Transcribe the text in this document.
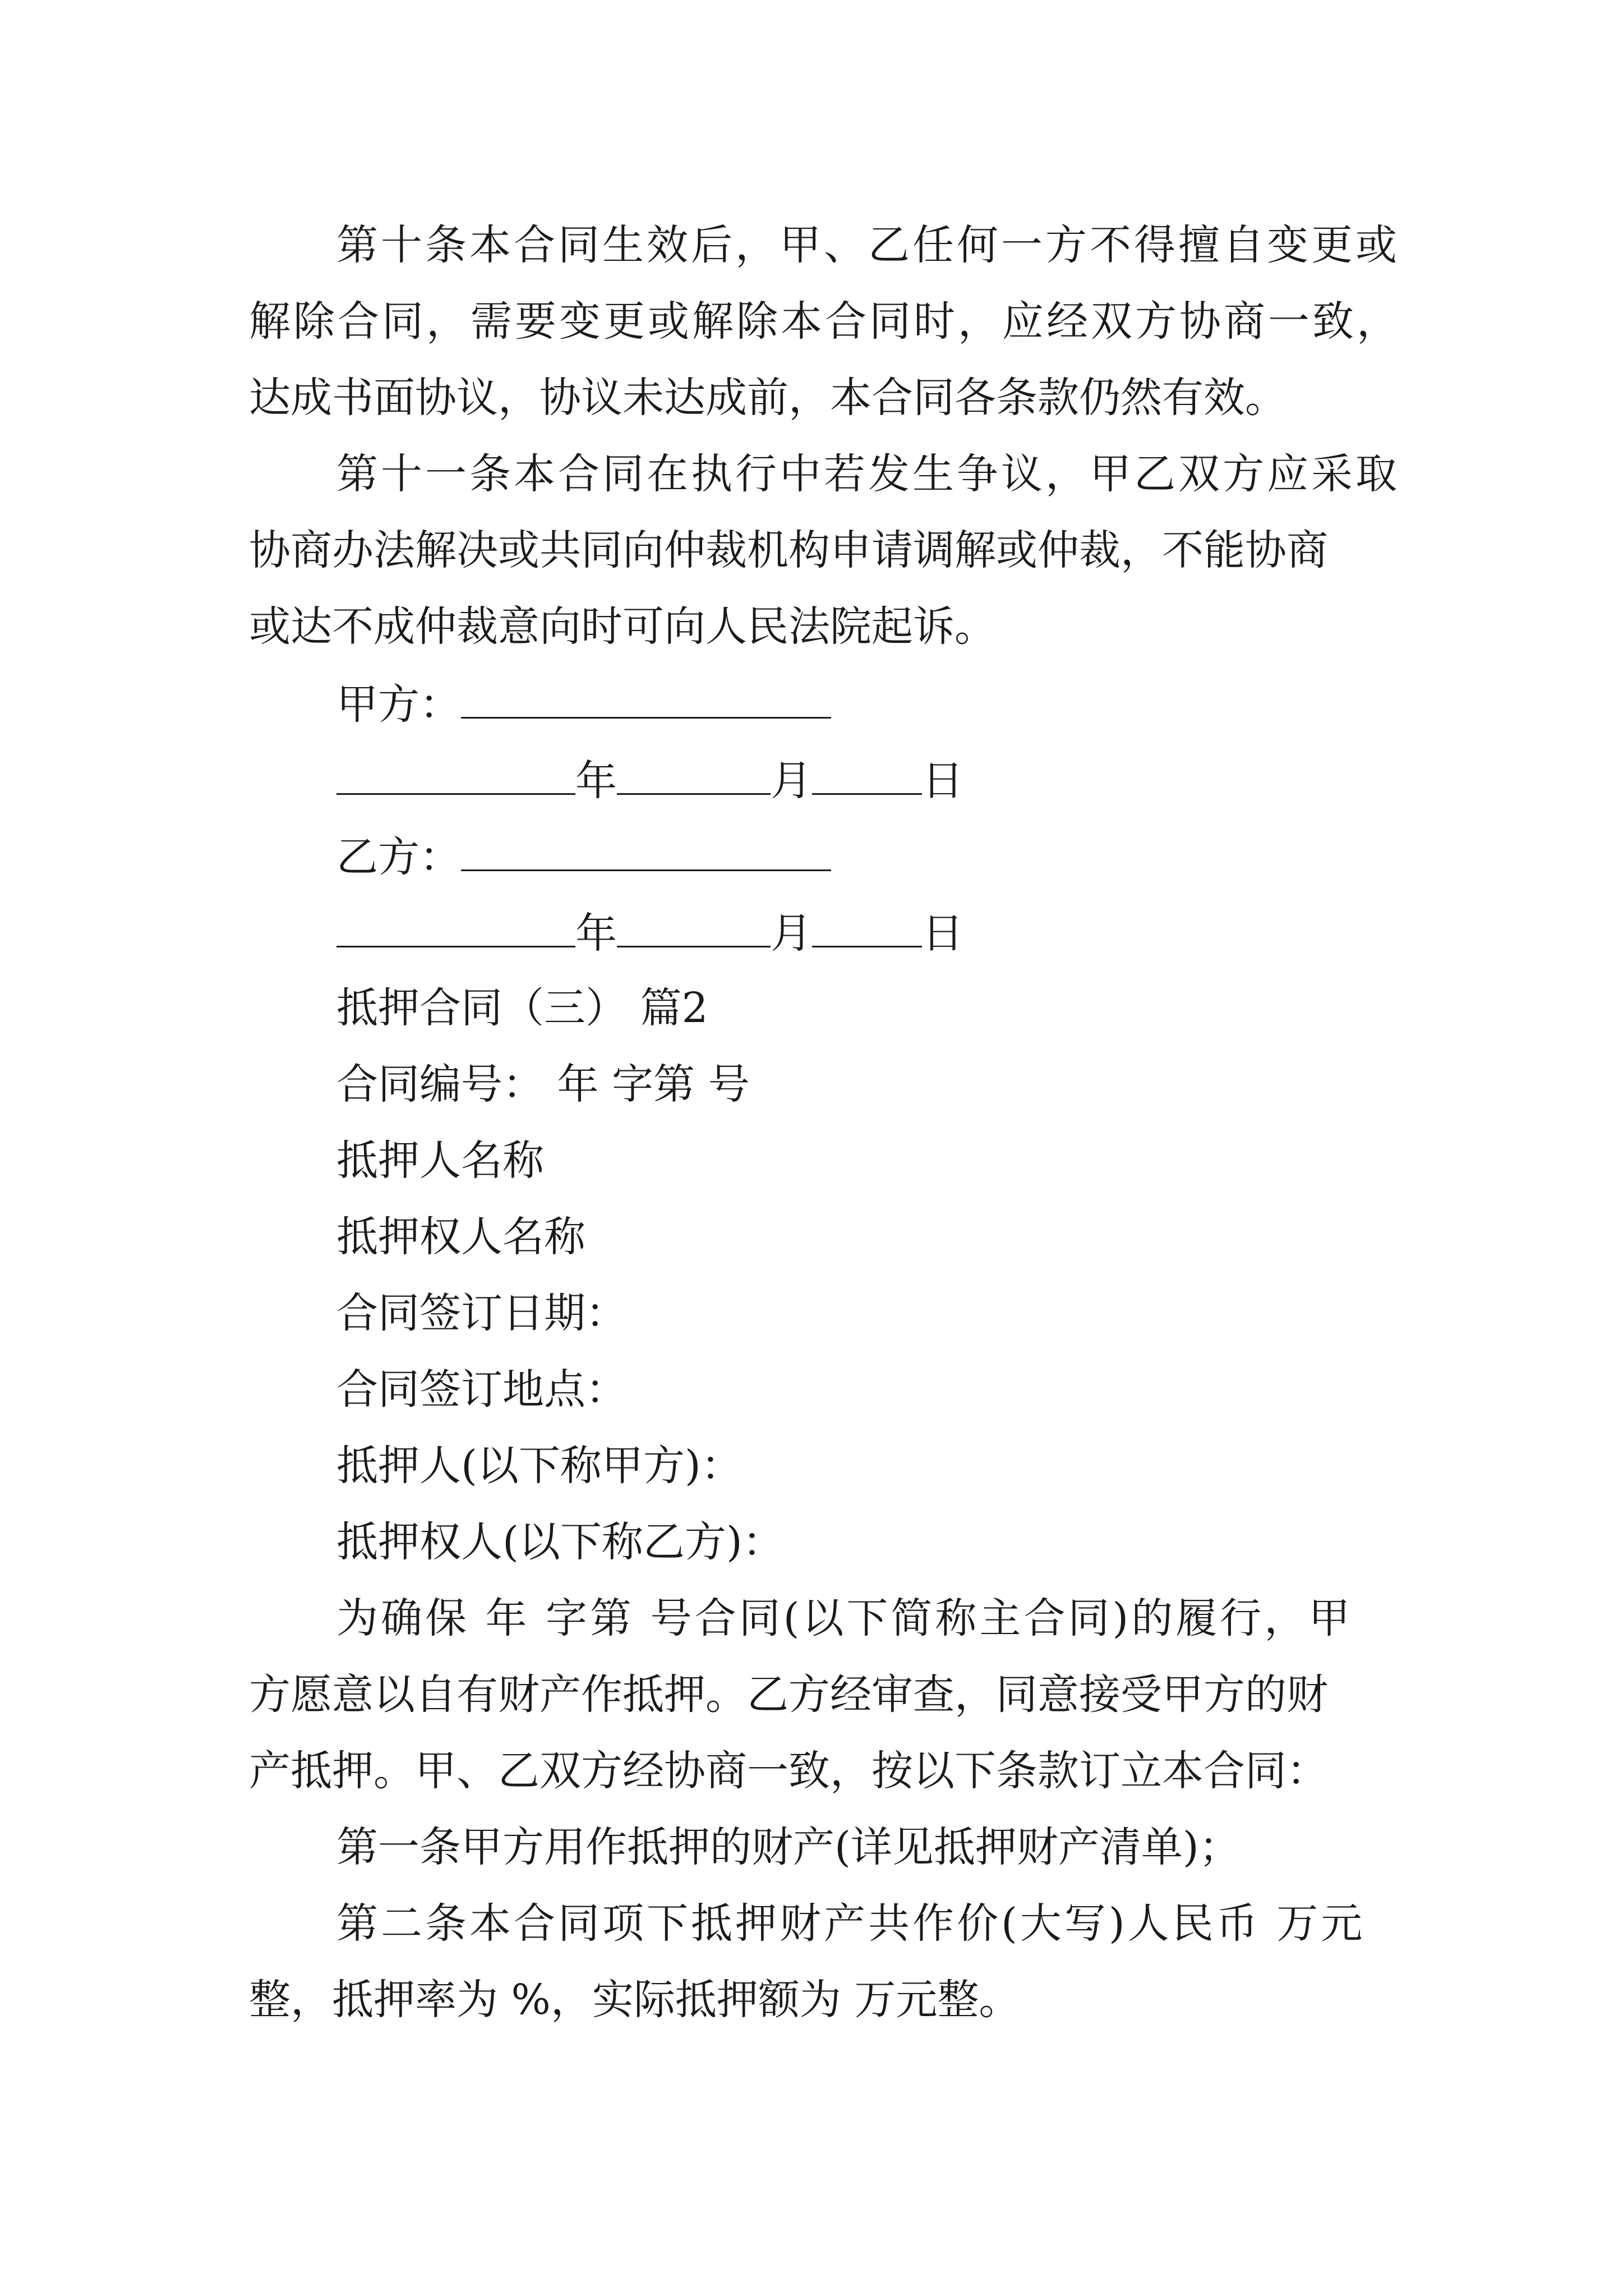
第十条本合同生效后，甲、乙任何一方不得擅自变更或
解除合同，需要变更或解除本合同时，应经双方协商一致，
达成书面协议，协议未达成前，本合同各条款仍然有效。
第十一条本合同在执行中若发生争议，甲乙双方应采取
协商办法解决或共同向仲裁机构申请调解或仲裁，不能协商
或达不成仲裁意向时可向人民法院起诉。
甲方：
年	月	日
乙方：
年	月	日
抵押合同（三） 篇2
合同编号： 年 字第 号
抵押人名称
抵押权人名称
合同签订日期：
合同签订地点：
抵押人(以下称甲方)：
抵押权人(以下称乙方)：
为确保 年 字第 号合同(以下简称主合同)的履行，甲
方愿意以自有财产作抵押。乙方经审查，同意接受甲方的财
产抵押。甲、乙双方经协商一致，按以下条款订立本合同：
第一条甲方用作抵押的财产(详见抵押财产清单)；
第二条本合同项下抵押财产共作价(大写)人民币 万元
整，抵押率为 %，实际抵押额为 万元整。
